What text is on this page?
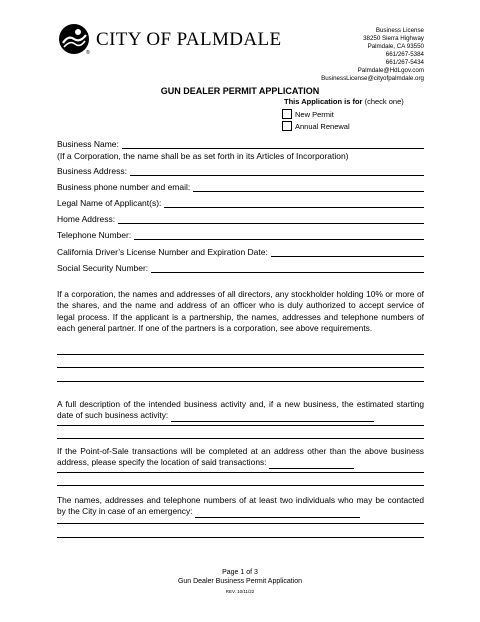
®
CITY OF PALMDALE	Business License
38250 Sierra Highway
Palmdale, CA 93550
661/267-5384
661/267-5434
Palmdale@HdLgov.com
BusinessLicense@cityofpalmdale.org
GUN DEALER PERMIT APPLICATION
This Application is for (check one)
New Permit
Annual Renewal
Business Name:
(If a Corporation, the name shall be as set forth in its Articles of Incorporation)
Business Address:
Business phone number and email:
Legal Name of Applicant(s):
Home Address:
Telephone Number:
California Driver’s License Number and Expiration Date:
Social Security Number:
If a corporation, the names and addresses of all directors, any stockholder holding 10% or more of the shares, and the name and address of an officer who is duly authorized to accept service of legal process. If the applicant is a partnership, the names, addresses and telephone numbers of each general partner. If one of the partners is a corporation, see above requirements.
A full description of the intended business activity and, if a new business, the estimated starting date of such business activity:
If the Point-of-Sale transactions will be completed at an address other than the above business address, please specify the location of said transactions:
The names, addresses and telephone numbers of at least two individuals who may be contacted by the City in case of an emergency:
Page 1 of 3
Gun Dealer Business Permit Application
REV. 10/11/22
